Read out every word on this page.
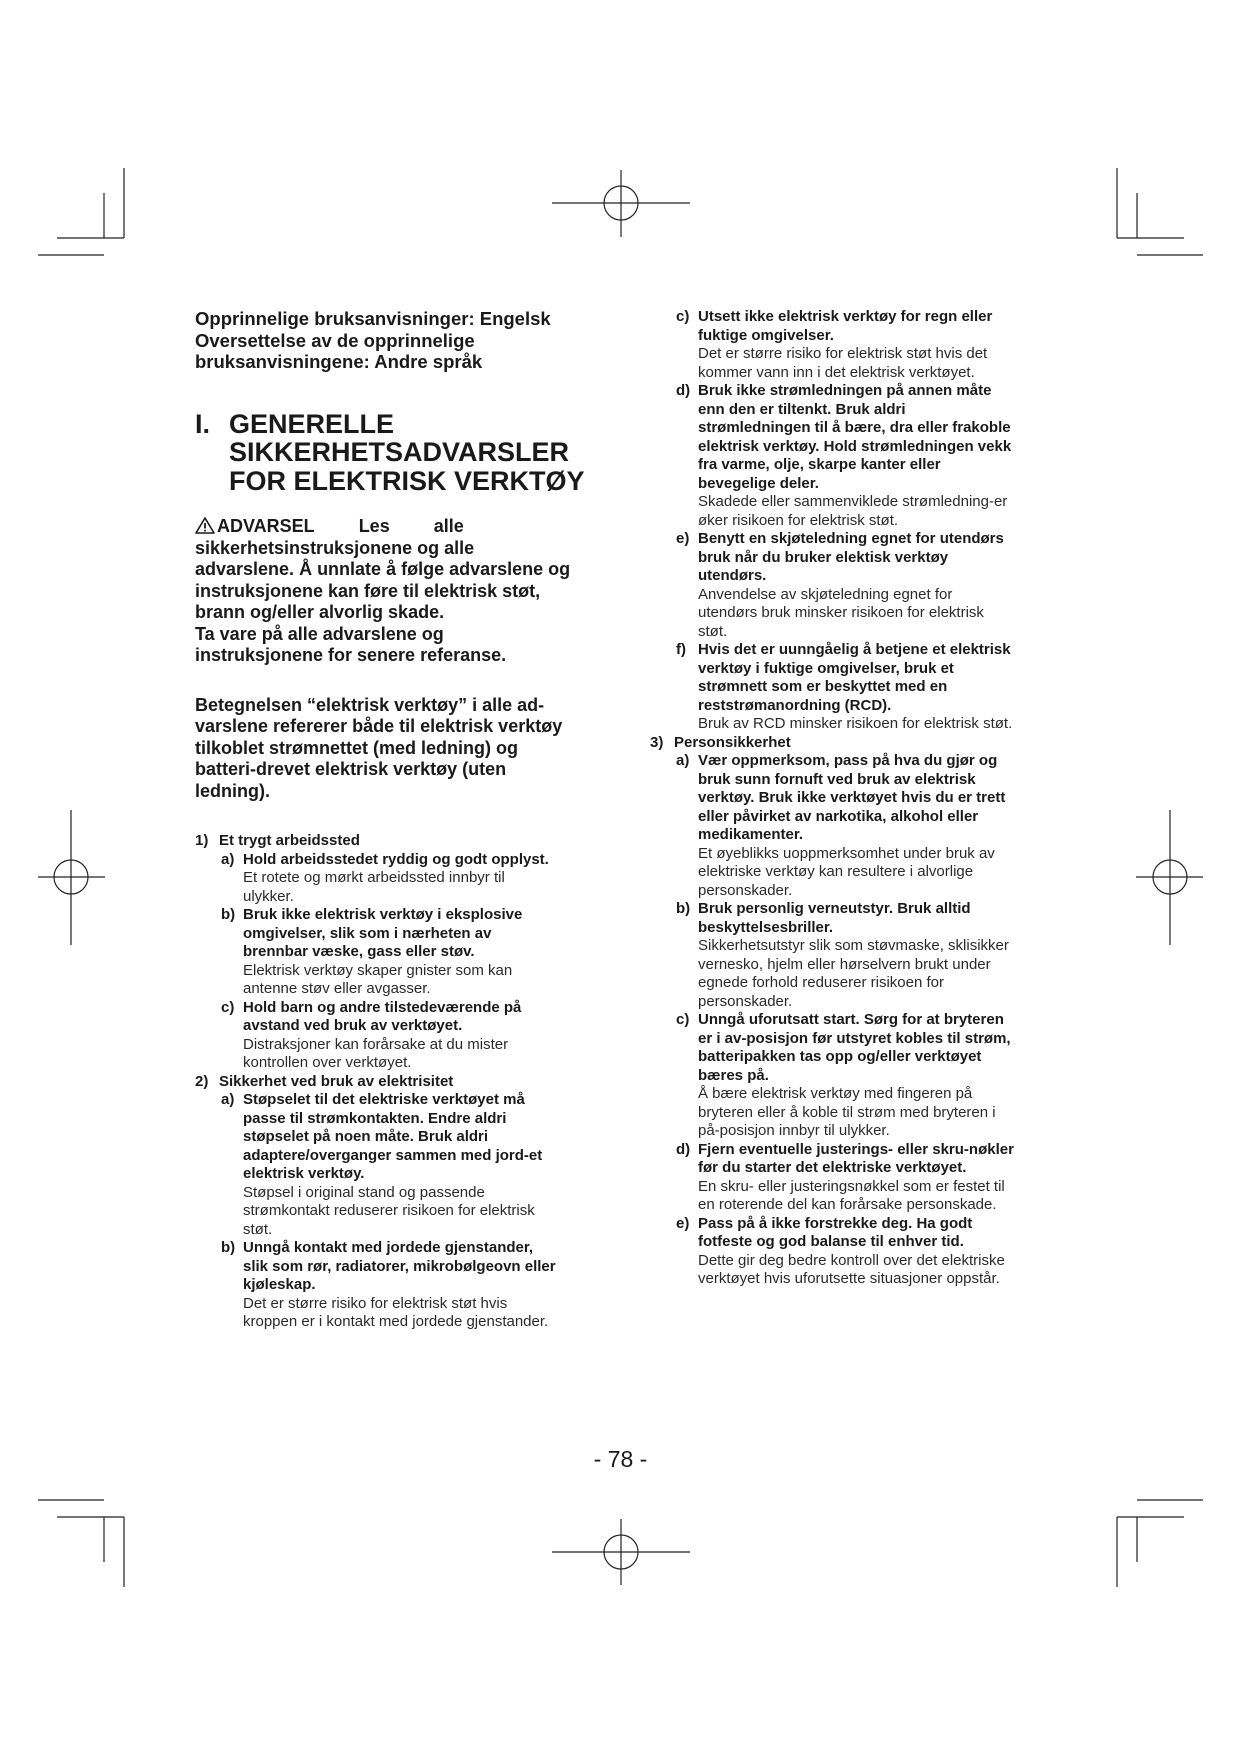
Opprinnelige bruksanvisninger: Engelsk
Oversettelse av de opprinnelige
bruksanvisningene: Andre språk

I. GENERELLE
SIKKERHETSADVARSLER
FOR ELEKTRISK VERKTØY

ADVARSEL Les alle
sikkerhetsinstruksjonene og alle
advarslene. Å unnlate å følge advarslene og
instruksjonene kan føre til elektrisk støt,
brann og/eller alvorlig skade.

Ta vare på alle advarslene og
instruksjonene for senere referanse.

Betegnelsen “elektrisk verktøy” i alle ad-
varslene refererer både til elektrisk verktøy
tilkoblet strømnettet (med ledning) og
batteri-drevet elektrisk verktøy (uten
ledning).

1) Et trygt arbeidssted
a) Hold arbeidsstedet ryddig og godt opplyst.
Et rotete og mørkt arbeidssted innbyr til
ulykker.
b) Bruk ikke elektrisk verktøy i eksplosive
omgivelser, slik som i nærheten av
brennbar væske, gass eller støv.
Elektrisk verktøy skaper gnister som kan
antenne støv eller avgasser.
c) Hold barn og andre tilstedeværende på
avstand ved bruk av verktøyet.
Distraksjoner kan forårsake at du mister
kontrollen over verktøyet.
2) Sikkerhet ved bruk av elektrisitet
a) Støpselet til det elektriske verktøyet må
passe til strømkontakten. Endre aldri
støpselet på noen måte. Bruk aldri
adaptere/overganger sammen med jord-et
elektrisk verktøy.
Støpsel i original stand og passende
strømkontakt reduserer risikoen for elektrisk
støt.
b) Unngå kontakt med jordede gjenstander,
slik som rør, radiatorer, mikrobølgeovn eller
kjøleskap.
Det er større risiko for elektrisk støt hvis
kroppen er i kontakt med jordede gjenstander.
c) Utsett ikke elektrisk verktøy for regn eller
fuktige omgivelser.
Det er større risiko for elektrisk støt hvis det
kommer vann inn i det elektrisk verktøyet.
d) Bruk ikke strømledningen på annen måte
enn den er tiltenkt. Bruk aldri
strømledningen til å bære, dra eller frakoble
elektrisk verktøy. Hold strømledningen vekk
fra varme, olje, skarpe kanter eller
bevegelige deler.
Skadede eller sammenviklede strømledning-er
øker risikoen for elektrisk støt.
e) Benytt en skjøteledning egnet for utendørs
bruk når du bruker elektisk verktøy
utendørs.
Anvendelse av skjøteledning egnet for
utendørs bruk minsker risikoen for elektrisk
støt.
f) Hvis det er uunngåelig å betjene et elektrisk
verktøy i fuktige omgivelser, bruk et
strømnett som er beskyttet med en
reststrømanordning (RCD).
Bruk av RCD minsker risikoen for elektrisk støt.
3) Personsikkerhet
a) Vær oppmerksom, pass på hva du gjør og
bruk sunn fornuft ved bruk av elektrisk
verktøy. Bruk ikke verktøyet hvis du er trett
eller påvirket av narkotika, alkohol eller
medikamenter.
Et øyeblikks uoppmerksomhet under bruk av
elektriske verktøy kan resultere i alvorlige
personskader.
b) Bruk personlig verneutstyr. Bruk alltid
beskyttelsesbriller.
Sikkerhetsutstyr slik som støvmaske, sklisikker
vernesko, hjelm eller hørselvern brukt under
egnede forhold reduserer risikoen for
personskader.
c) Unngå uforutsatt start. Sørg for at bryteren
er i av-posisjon før utstyret kobles til strøm,
batteripakken tas opp og/eller verktøyet
bæres på.
Å bære elektrisk verktøy med fingeren på
bryteren eller å koble til strøm med bryteren i
på-posisjon innbyr til ulykker.
d) Fjern eventuelle justerings- eller skru-nøkler
før du starter det elektriske verktøyet.
En skru- eller justeringsnøkkel som er festet til
en roterende del kan forårsake personskade.
e) Pass på å ikke forstrekke deg. Ha godt
fotfeste og god balanse til enhver tid.
Dette gir deg bedre kontroll over det elektriske
verktøyet hvis uforutsette situasjoner oppstår.
- 78 -
